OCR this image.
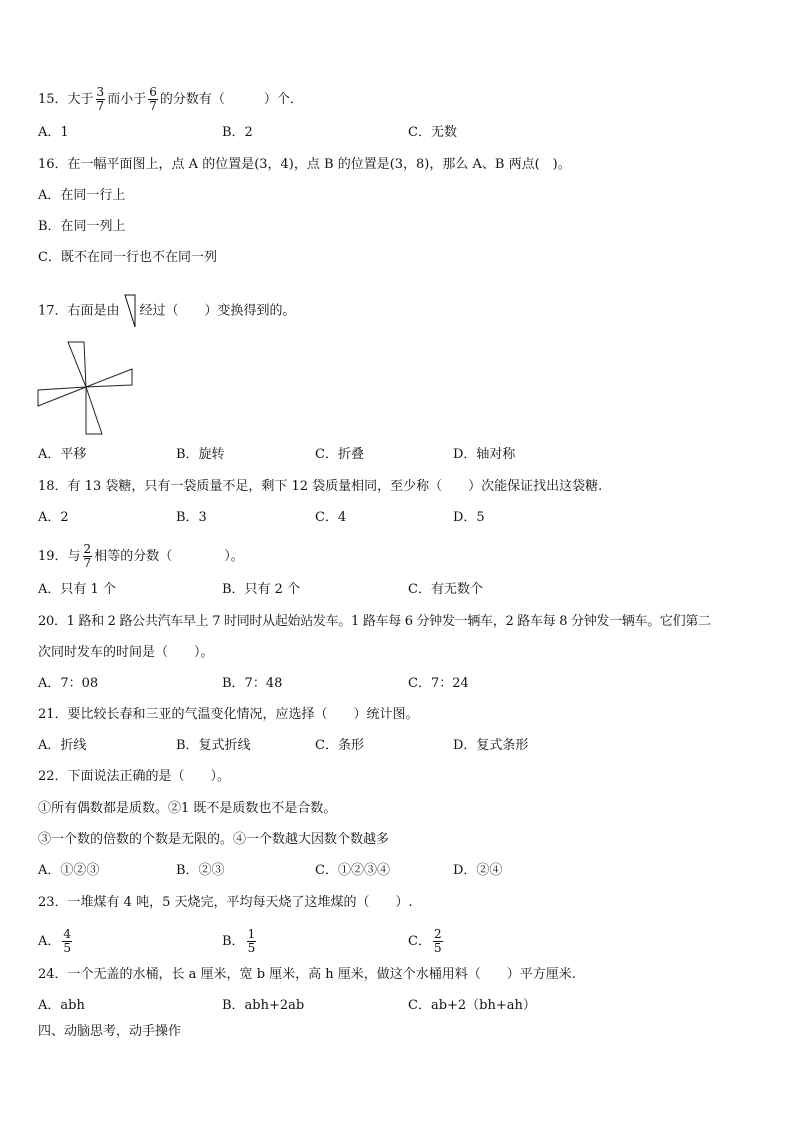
15．大于 $\frac{3}{7}$ 而小于 $\frac{6}{7}$ 的分数有（　　　）个．
A．1	B．2	C．无数
16．在一幅平面图上，点 A 的位置是(3，4)，点 B 的位置是(3，8)，那么 A、B 两点(　)。
A．在同一行上
B．在同一列上
C．既不在同一行也不在同一列
17．右面是由 经过（　　）变换得到的。
A．平移	B．旋转	C．折叠	D．轴对称
18．有 13 袋糖，只有一袋质量不足，剩下 12 袋质量相同，至少称（　　）次能保证找出这袋糖.
A．2	B．3	C．4	D．5
19．与 $\frac{2}{7}$ 相等的分数（　　　　）。
A．只有 1 个	B．只有 2 个	C．有无数个
20．1 路和 2 路公共汽车早上 7 时同时从起始站发车。1 路车每 6 分钟发一辆车，2 路车每 8 分钟发一辆车。它们第二
次同时发车的时间是（　　）。
A．7：08	B．7：48	C．7：24
21．要比较长春和三亚的气温变化情况，应选择（　　）统计图。
A．折线	B．复式折线	C．条形	D．复式条形
22．下面说法正确的是（　　）。
①所有偶数都是质数。②1 既不是质数也不是合数。
③一个数的倍数的个数是无限的。④一个数越大因数个数越多
A．①②③	B．②③	C．①②③④	D．②④
23．一堆煤有 4 吨，5 天烧完，平均每天烧了这堆煤的（　　）.
A． $\frac{4}{5}$	B． $\frac{1}{5}$	C． $\frac{2}{5}$
24．一个无盖的水桶，长 a 厘米，宽 b 厘米，高 h 厘米，做这个水桶用料（　　）平方厘米.
A．abh	B．abh+2ab	C．ab+2（bh+ah）
四、动脑思考，动手操作
